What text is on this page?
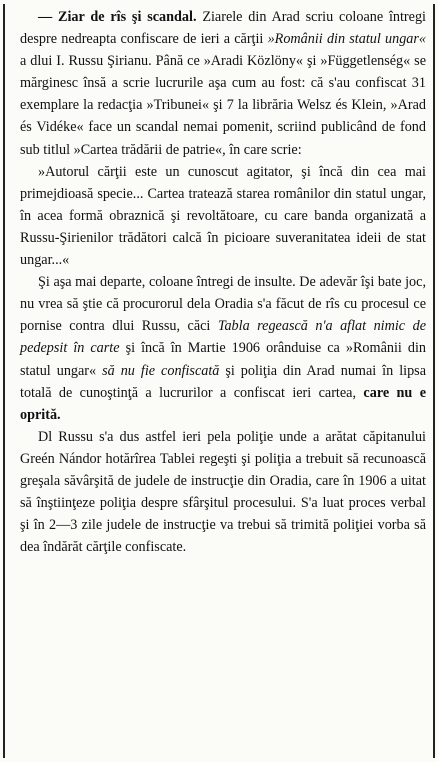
— Ziar de rîs şi scandal. Ziarele din Arad scriu coloane întregi despre nedreapta confiscare de ieri a cărţii »Românii din statul ungar« a dlui I. Russu Şirianu. Până ce »Aradi Közlöny« şi »Függetlenség« se mărginesc însă a scrie lucrurile aşa cum au fost: că s'au confiscat 31 exemplare la redacţia »Tribunei« şi 7 la librăria Welsz és Klein, »Arad és Vidéke« face un scandal nemai pomenit, scriind publicând de fond sub titlul »Cartea trădării de patrie«, în care scrie:

»Autorul cărţii este un cunoscut agitator, şi încă din cea mai primejdioasă specie... Cartea tratează starea românilor din statul ungar, în acea formă obraznică şi revoltătoare, cu care banda organizată a Russu-Şirienilor trădători calcă în picioare suveranitatea ideii de stat ungar...«

Şi aşa mai departe, coloane întregi de insulte. De adevăr îşi bate joc, nu vrea să ştie că procurorul dela Oradia s'a făcut de rîs cu procesul ce pornise contra dlui Russu, căci Tabla regească n'a aflat nimic de pedepsit în carte şi încă în Martie 1906 orânduise ca »Românii din statul ungar« să nu fie confiscată şi poliţia din Arad numai în lipsa totală de cunoştinţă a lucrurilor a confiscat ieri cartea, care nu e oprită.

Dl Russu s'a dus astfel ieri pela poliţie unde a arătat căpitanului Greén Nándor hotărîrea Tablei regeşti şi poliţia a trebuit să recunoască greşala săvârşită de judele de instrucţie din Oradia, care în 1906 a uitat să înştiinţeze poliţia despre sfârşitul procesului. S'a luat proces verbal şi în 2—3 zile judele de instrucţie va trebui să trimită poliţiei vorba să dea îndărăt cărţile confiscate.
